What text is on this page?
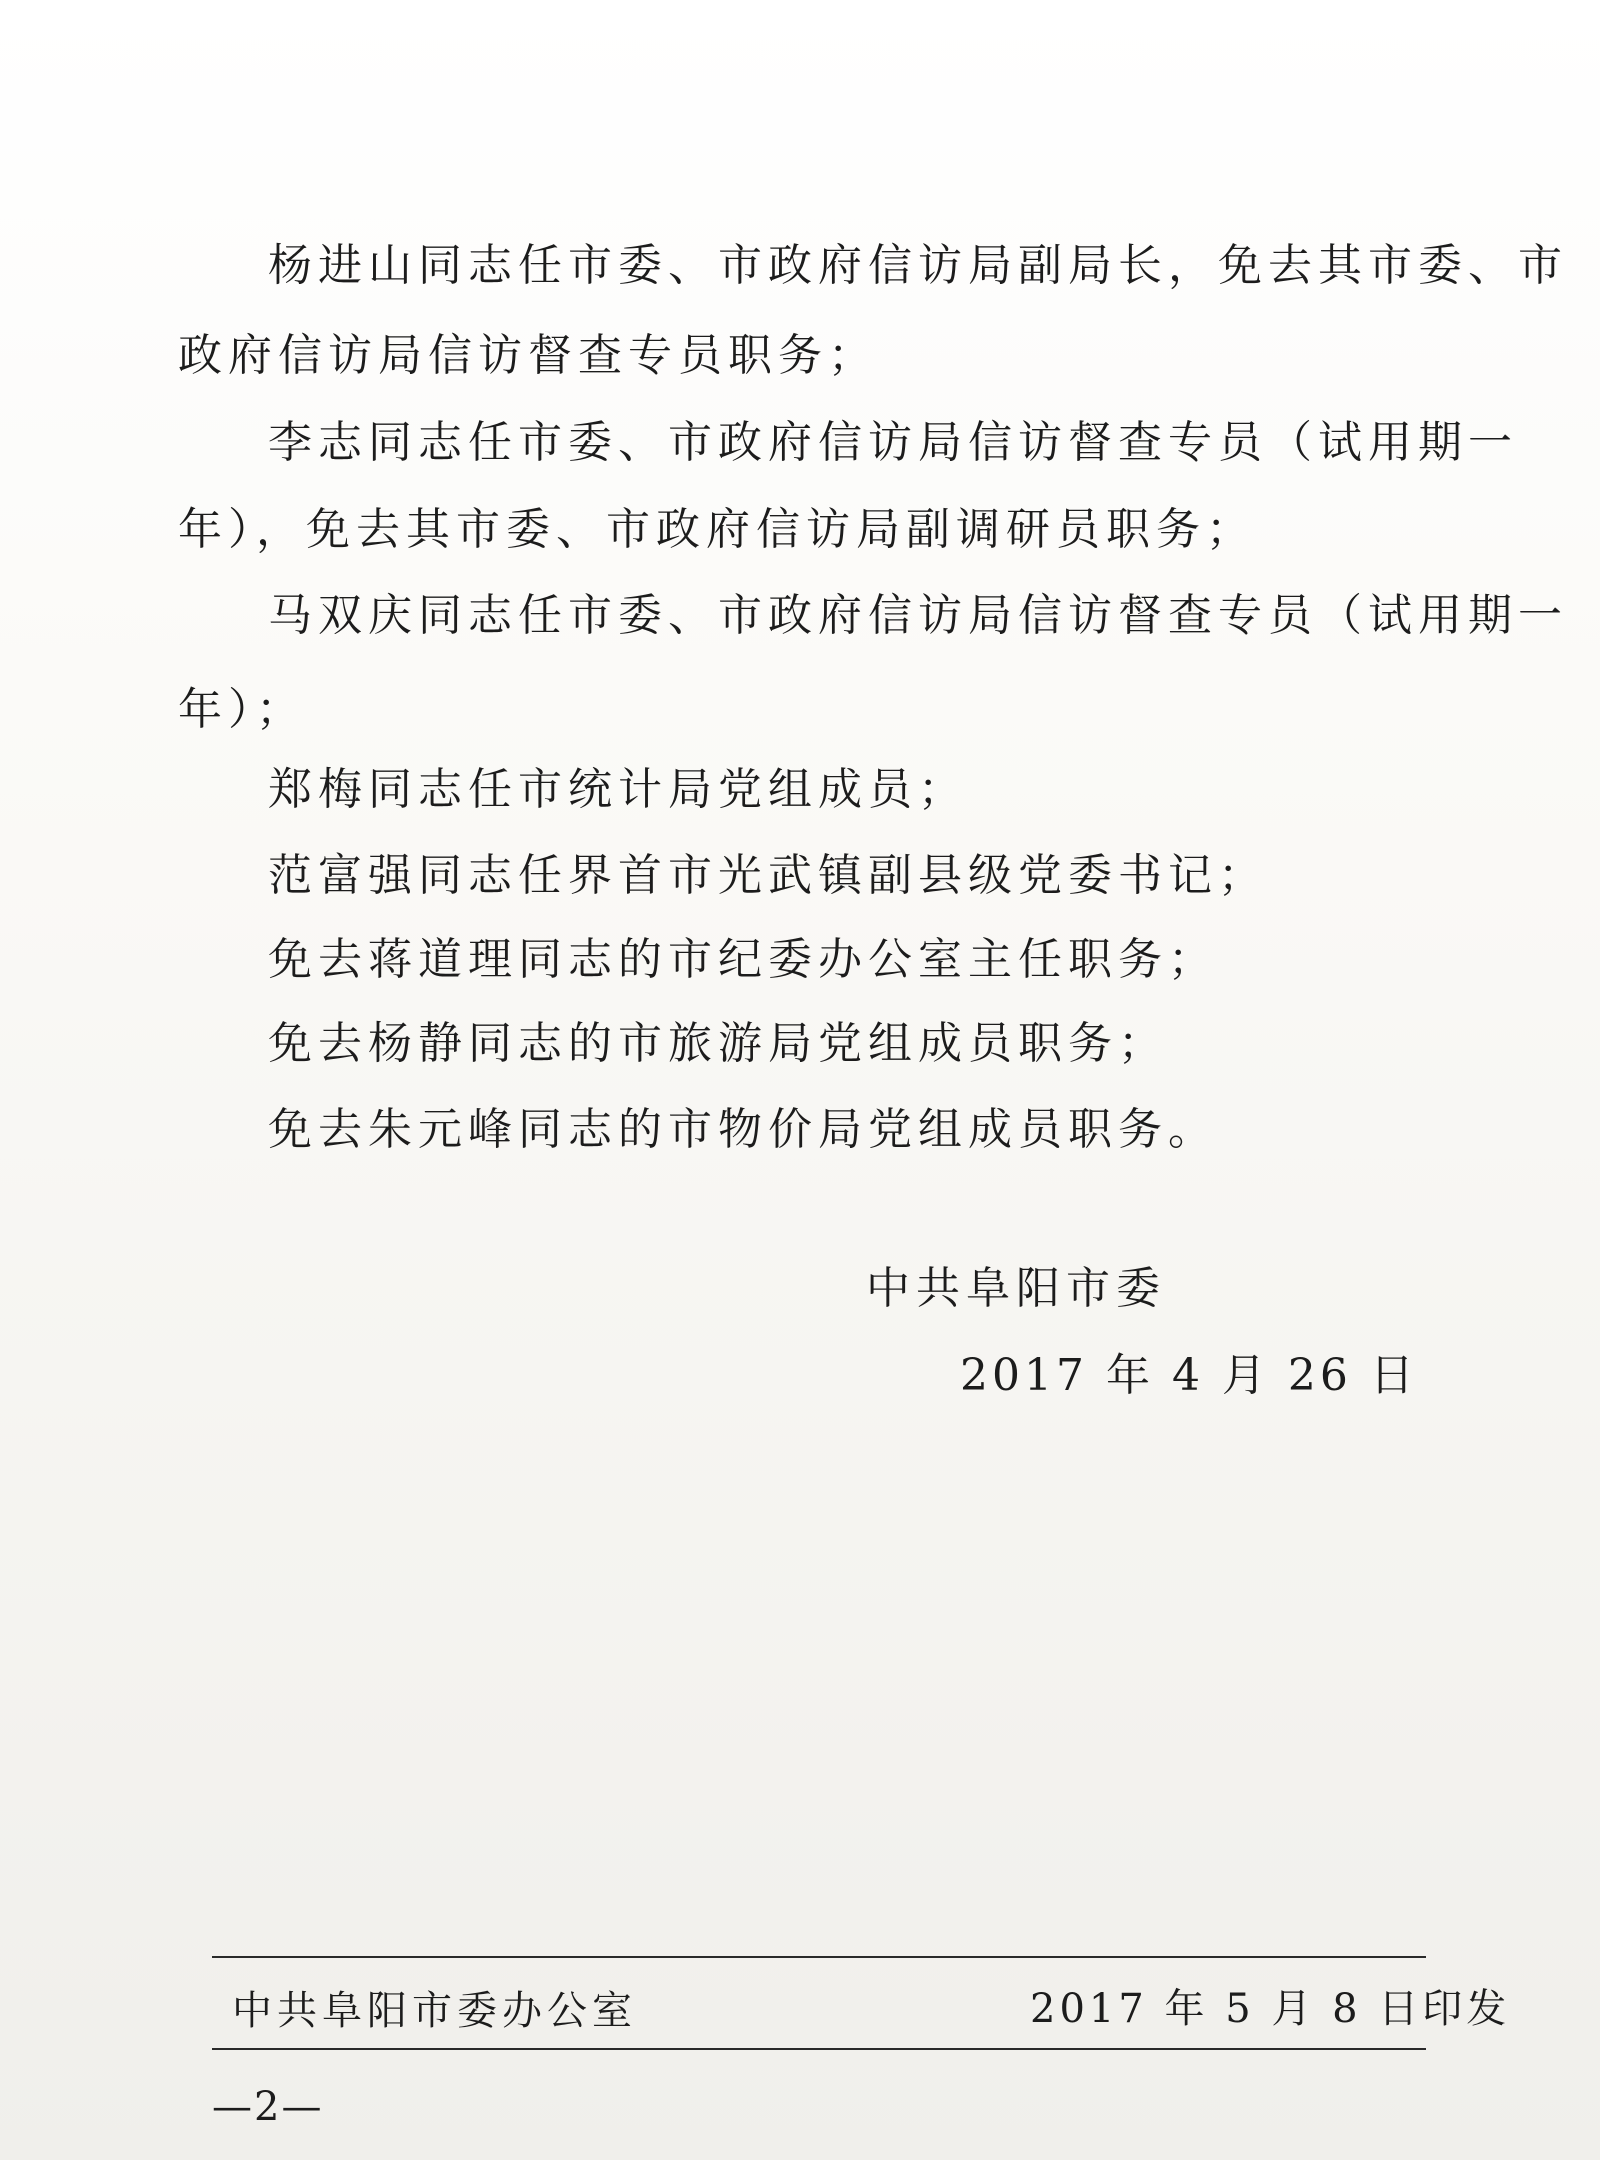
杨进山同志任市委、市政府信访局副局长，免去其市委、市
政府信访局信访督查专员职务；
李志同志任市委、市政府信访局信访督查专员（试用期一
年），免去其市委、市政府信访局副调研员职务；
马双庆同志任市委、市政府信访局信访督查专员（试用期一
年）；
郑梅同志任市统计局党组成员；
范富强同志任界首市光武镇副县级党委书记；
免去蒋道理同志的市纪委办公室主任职务；
免去杨静同志的市旅游局党组成员职务；
免去朱元峰同志的市物价局党组成员职务。
中共阜阳市委
2017 年 4 月 26 日
中共阜阳市委办公室	2017 年 5 月 8 日印发
—2—
